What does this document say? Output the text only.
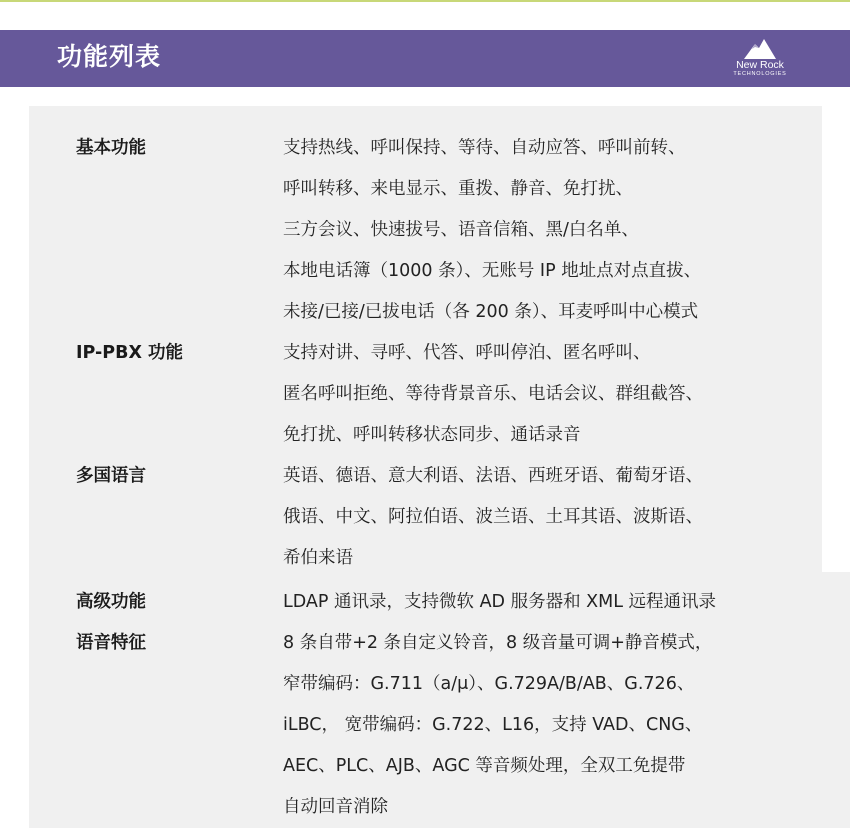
功能列表	New Rock
TECHNOLOGIES
基本功能	支持热线、呼叫保持、等待、自动应答、呼叫前转、
呼叫转移、来电显示、重拨、静音、免打扰、
三方会议、快速拔号、语音信箱、黑/白名单、
本地电话簿（1000 条）、无账号 IP 地址点对点直拔、
未接/已接/已拔电话（各 200 条）、耳麦呼叫中心模式
IP-PBX 功能	支持对讲、寻呼、代答、呼叫停泊、匿名呼叫、
匿名呼叫拒绝、等待背景音乐、电话会议、群组截答、
免打扰、呼叫转移状态同步、通话录音
多国语言	英语、德语、意大利语、法语、西班牙语、葡萄牙语、
俄语、中文、阿拉伯语、波兰语、土耳其语、波斯语、
希伯来语
高级功能	LDAP 通讯录，支持微软 AD 服务器和 XML 远程通讯录
语音特征	8 条自带+2 条自定义铃音，8 级音量可调+静音模式，
窄带编码：G.711（a/μ）、G.729A/B/AB、G.726、
iLBC， 宽带编码：G.722、L16，支持 VAD、CNG、
AEC、PLC、AJB、AGC 等音频处理，全双工免提带
自动回音消除
